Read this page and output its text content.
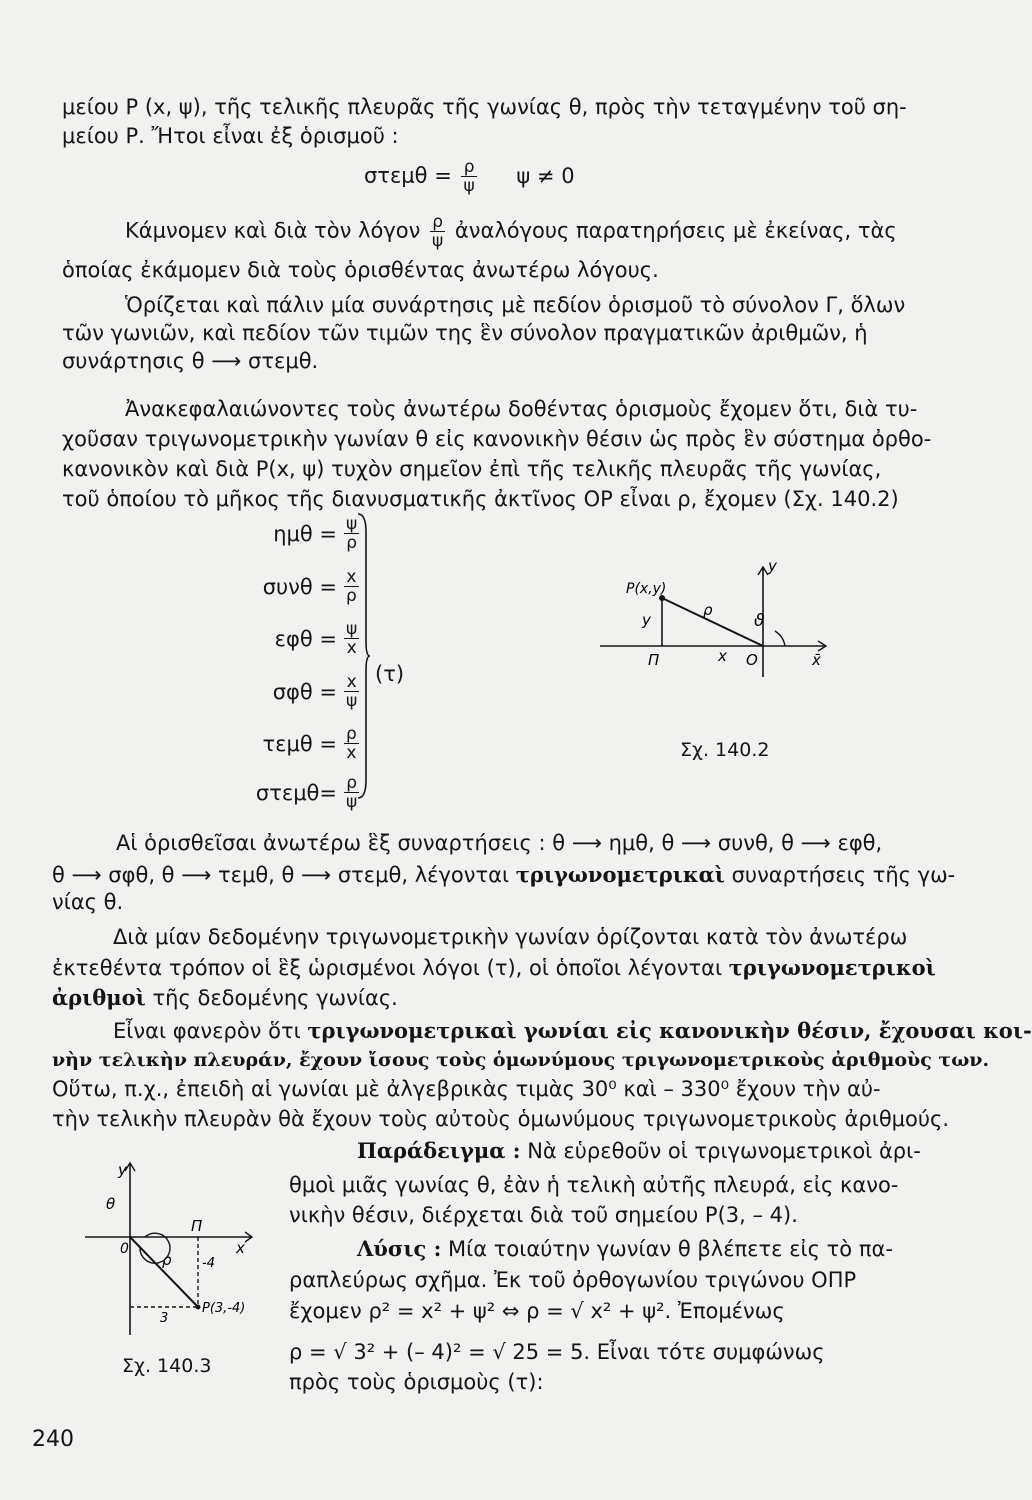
μείου Ρ (x, ψ), τῆς τελικῆς πλευρᾶς τῆς γωνίας θ, πρὸς τὴν τεταγμένην τοῦ ση-
μείου Ρ. Ἤτοι εἶναι ἐξ ὁρισμοῦ :
$\sigma\tau\varepsilon\mu\theta = \frac{\rho}{\psi}$ ψ ≠ 0
Κάμνομεν καὶ διὰ τὸν λόγον $\frac{\rho}{\psi}$ ἀναλόγους παρατηρήσεις μὲ ἐκείνας, τὰς
ὁποίας ἐκάμομεν διὰ τοὺς ὁρισθέντας ἀνωτέρω λόγους.
Ὁρίζεται καὶ πάλιν μία συνάρτησις μὲ πεδίον ὁρισμοῦ τὸ σύνολον Γ, ὅλων
τῶν γωνιῶν, καὶ πεδίον τῶν τιμῶν της ἓν σύνολον πραγματικῶν ἀριθμῶν, ἡ
συνάρτησις θ ⟶ στεμθ.
Ἀνακεφαλαιώνοντες τοὺς ἀνωτέρω δοθέντας ὁρισμοὺς ἔχομεν ὅτι, διὰ τυ-
χοῦσαν τριγωνομετρικὴν γωνίαν θ εἰς κανονικὴν θέσιν ὡς πρὸς ἓν σύστημα ὀρθο-
κανονικὸν καὶ διὰ Ρ(x, ψ) τυχὸν σημεῖον ἐπὶ τῆς τελικῆς πλευρᾶς τῆς γωνίας,
τοῦ ὁποίου τὸ μῆκος τῆς διανυσματικῆς ἀκτῖνος ΟΡ εἶναι ρ, ἔχομεν (Σχ. 140.2)
$\eta\mu\theta = \frac{\psi}{\rho}$
$\sigma\upsilon\nu\theta = \frac{x}{\rho}$
$\varepsilon\varphi\theta = \frac{\psi}{x}$
$\sigma\varphi\theta = \frac{x}{\psi}$
$\tau\varepsilon\mu\theta = \frac{\rho}{x}$
$\sigma\tau\varepsilon\mu\theta= \frac{\rho}{\psi}$
(τ)
P(x,y)
y
ρ
ϑ
y
Π	x O	x̄
Σχ. 140.2
Αἱ ὁρισθεῖσαι ἀνωτέρω ἓξ συναρτήσεις : θ ⟶ ημθ, θ ⟶ συνθ, θ ⟶ εφθ,
θ ⟶ σφθ, θ ⟶ τεμθ, θ ⟶ στεμθ, λέγονται τριγωνομετρικαὶ συναρτήσεις τῆς γω-
νίας θ.
Διὰ μίαν δεδομένην τριγωνομετρικὴν γωνίαν ὁρίζονται κατὰ τὸν ἀνωτέρω
ἐκτεθέντα τρόπον οἱ ἓξ ὡρισμένοι λόγοι (τ), οἱ ὁποῖοι λέγονται τριγωνομετρικοὶ
ἀριθμοὶ τῆς δεδομένης γωνίας.
Εἶναι φανερὸν ὅτι τριγωνομετρικαὶ γωνίαι εἰς κανονικὴν θέσιν, ἔχουσαι κοι-
νὴν τελικὴν πλευράν, ἔχουν ἴσους τοὺς ὁμωνύμους τριγωνομετρικοὺς ἀριθμοὺς των.
Οὕτω, π.χ., ἐπειδὴ αἱ γωνίαι μὲ ἀλγεβρικὰς τιμὰς 30⁰ καὶ – 330⁰ ἔχουν τὴν αὐ-
τὴν τελικὴν πλευρὰν θὰ ἔχουν τοὺς αὐτοὺς ὁμωνύμους τριγωνομετρικοὺς ἀριθμούς.
Παράδειγμα : Νὰ εὑρεθοῦν οἱ τριγωνομετρικοὶ ἀρι-
θμοὶ μιᾶς γωνίας θ, ἐὰν ἡ τελικὴ αὐτῆς πλευρά, εἰς κανο-
νικὴν θέσιν, διέρχεται διὰ τοῦ σημείου Ρ(3, – 4).
Λύσις : Μία τοιαύτην γωνίαν θ βλέπετε εἰς τὸ πα-
ραπλεύρως σχῆμα. Ἐκ τοῦ ὀρθογωνίου τριγώνου ΟΠΡ
ἔχομεν ρ² = x² + ψ² ⇔ ρ = √ x² + ψ². Ἐπομένως
ρ = √ 3² + (– 4)² = √ 25 = 5. Εἶναι τότε συμφώνως
πρὸς τοὺς ὁρισμοὺς (τ):
y
θ
0
Π
x
ρ -4
3
P(3,-4)
Σχ. 140.3
240
